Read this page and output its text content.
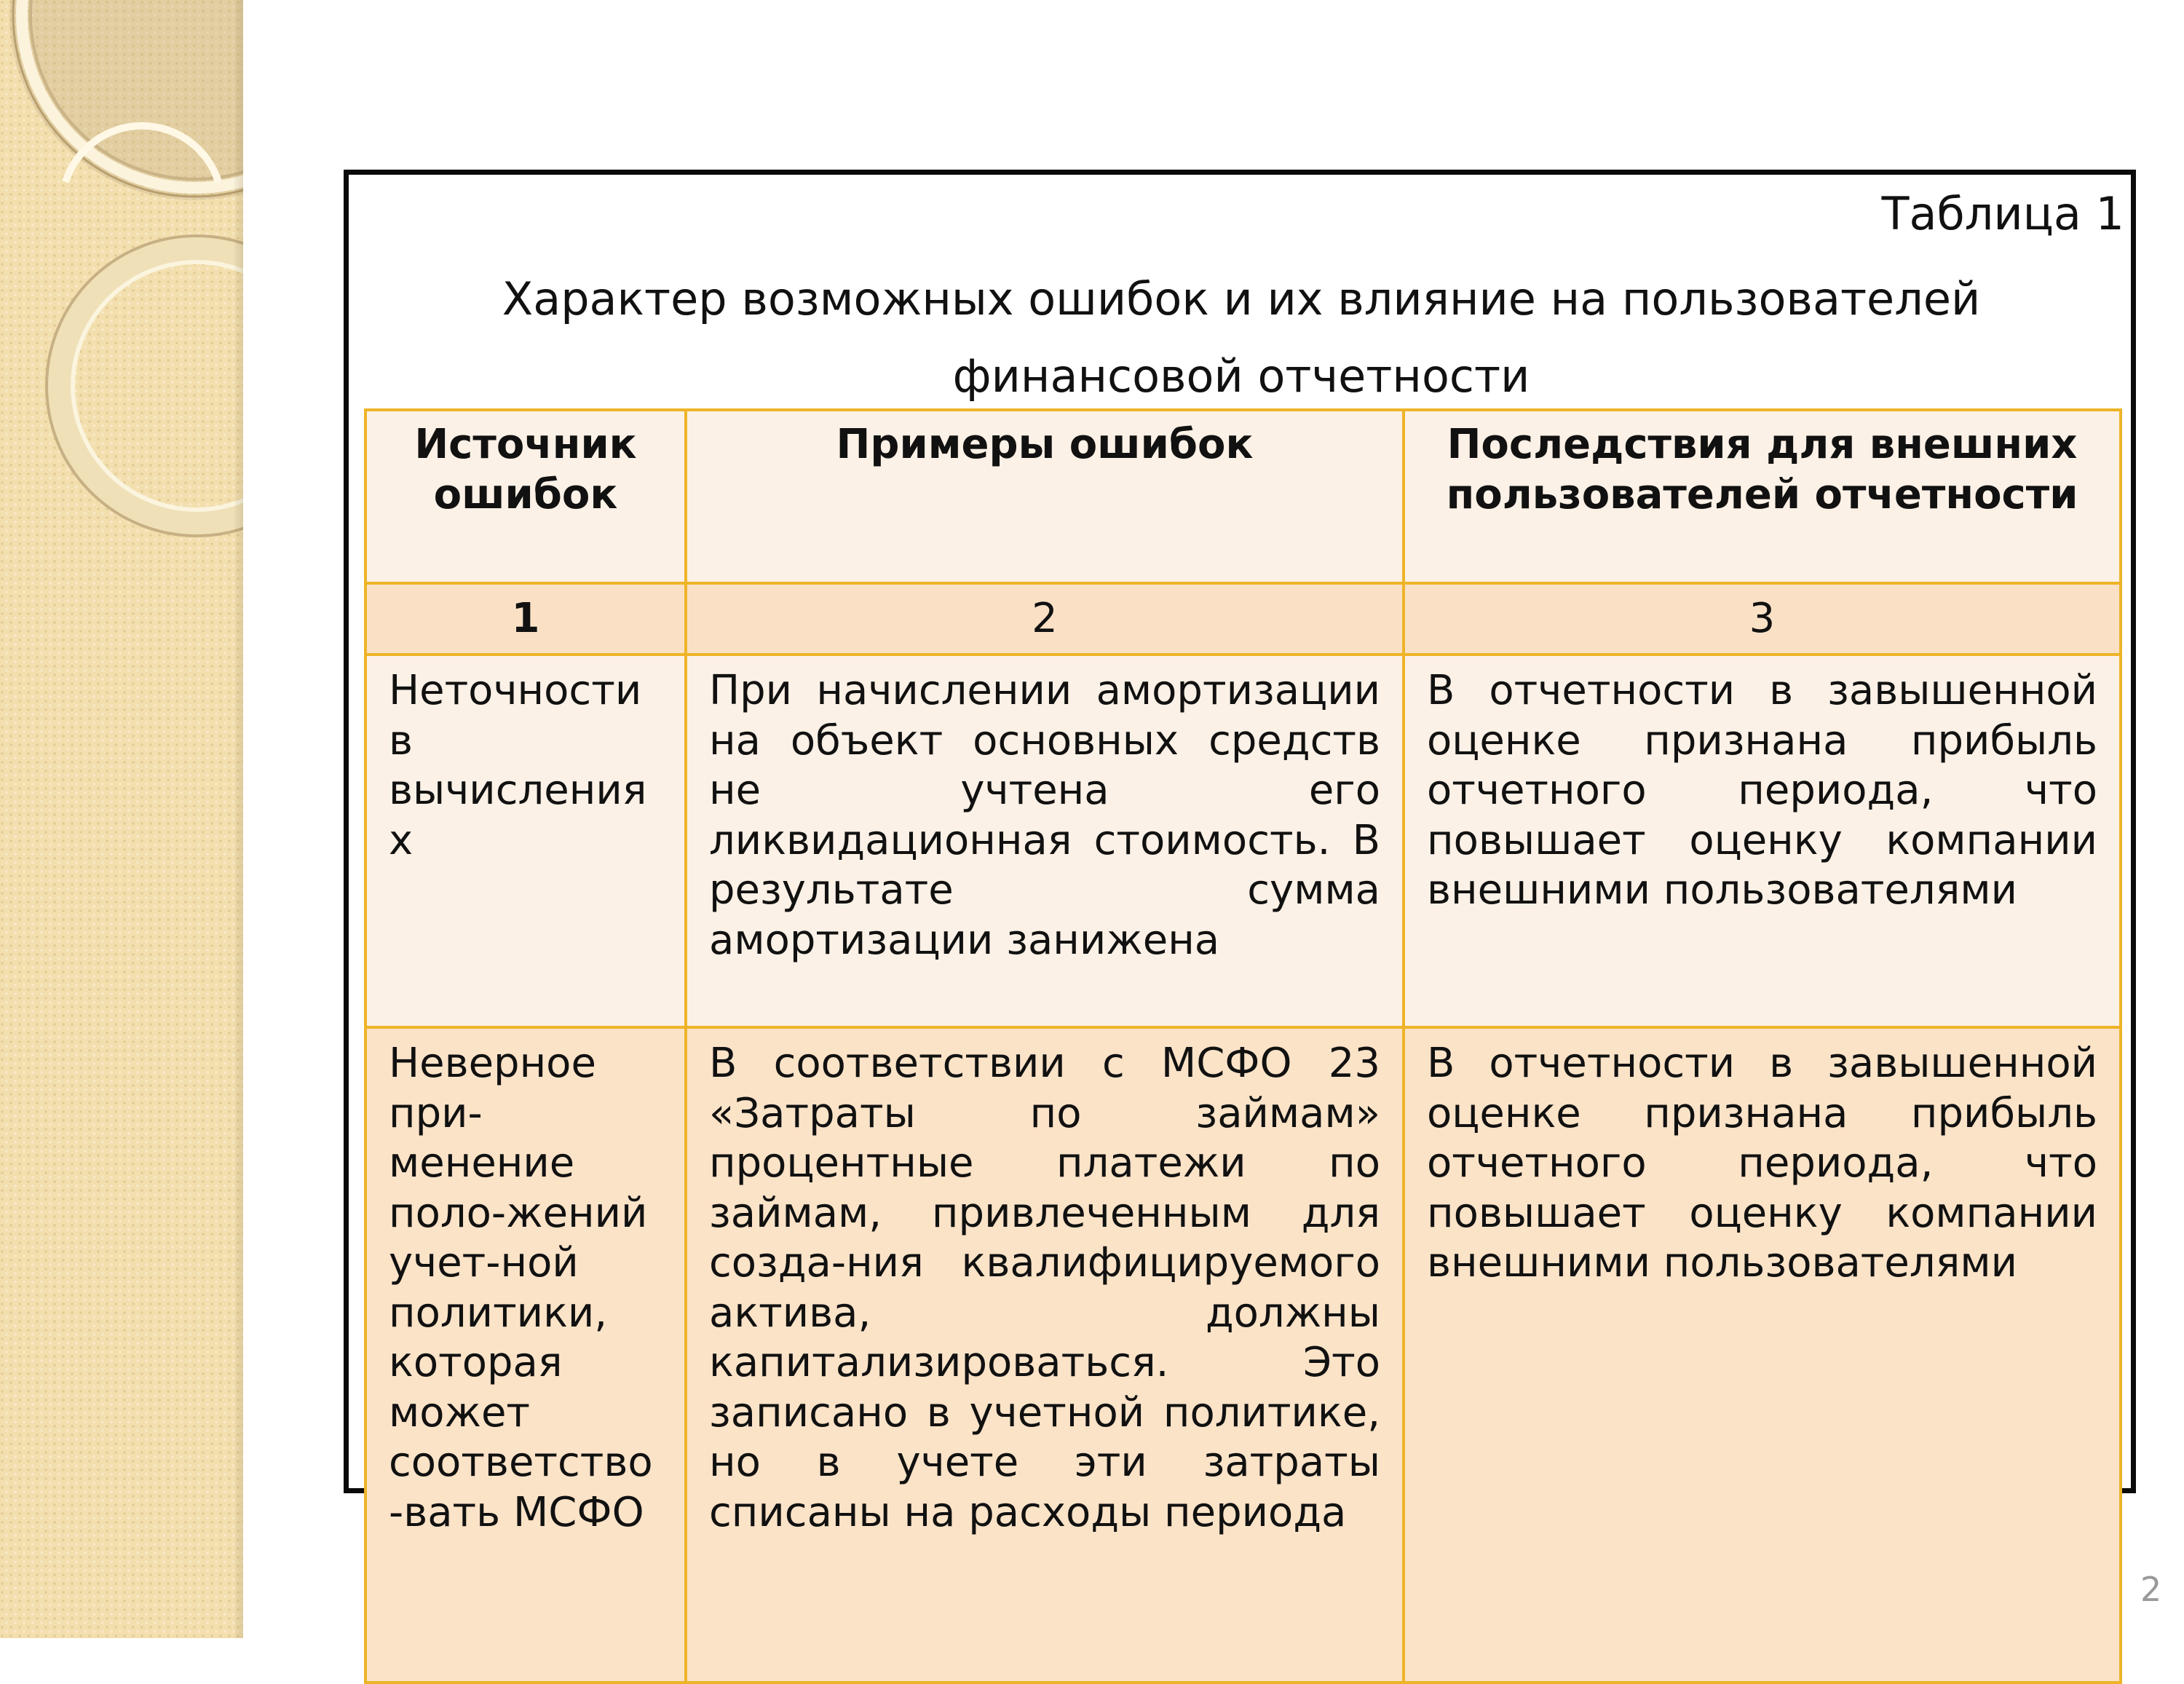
Таблица 1
Характер возможных ошибок и их влияние на пользователей
финансовой отчетности
Источник ошибок	Примеры ошибок	Последствия для внешних пользователей отчетности
1	2	3
Неточности в вычисления х	При начислении амортизации на объект основных средств не учтена его ликвидационная стоимость. В результате сумма амортизации занижена	В отчетности в завышенной оценке признана прибыль отчетного периода, что повышает оценку компании внешними пользователями
Неверное при-менение поло-жений учет-ной политики, которая может соответство -вать МСФО	В соответствии с МСФО 23 «Затраты по займам» процентные платежи по займам, привлеченным для созда-ния квалифицируемого актива, должны капитализироваться. Это записано в учетной политике, но в учете эти затраты списаны на расходы периода	В отчетности в завышенной оценке признана прибыль отчетного периода, что повышает оценку компании внешними пользователями
2
